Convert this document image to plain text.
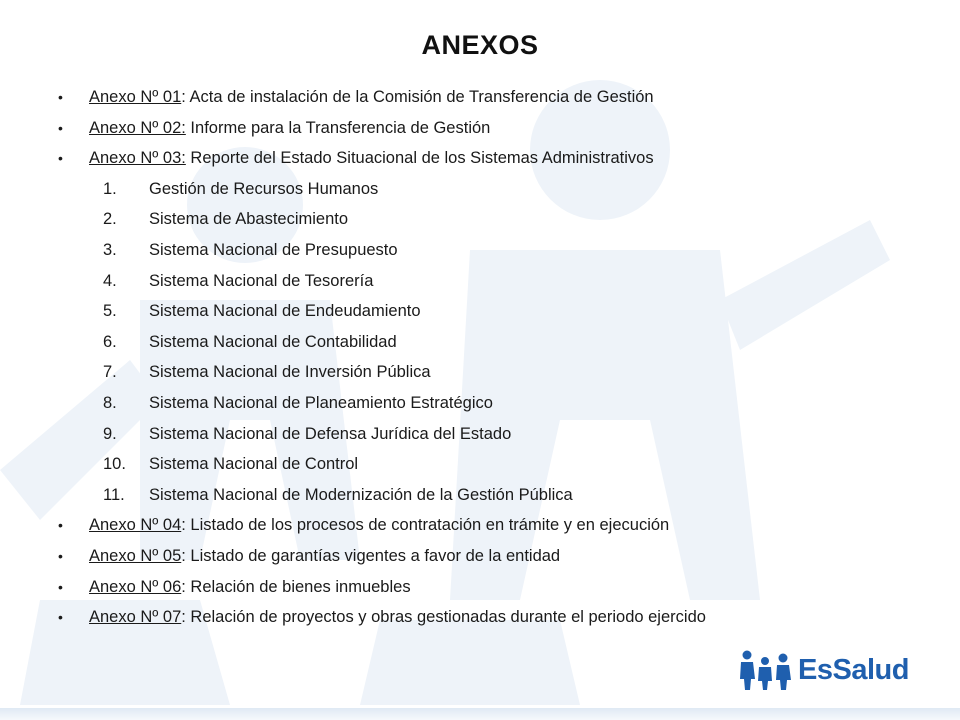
ANEXOS
• Anexo Nº 01: Acta de instalación de la Comisión de Transferencia de Gestión
• Anexo Nº 02: Informe para la Transferencia de Gestión
• Anexo Nº 03: Reporte del Estado Situacional de los Sistemas Administrativos
1. Gestión de Recursos Humanos
2. Sistema de Abastecimiento
3. Sistema Nacional de Presupuesto
4. Sistema Nacional de Tesorería
5. Sistema Nacional de Endeudamiento
6. Sistema Nacional de Contabilidad
7. Sistema Nacional de Inversión Pública
8. Sistema Nacional de Planeamiento Estratégico
9. Sistema Nacional de Defensa Jurídica del Estado
10. Sistema Nacional de Control
11. Sistema Nacional de Modernización de la Gestión Pública
• Anexo Nº 04: Listado de los procesos de contratación en trámite y en ejecución
• Anexo Nº 05: Listado de garantías vigentes a favor de la entidad
• Anexo Nº 06: Relación de bienes inmuebles
• Anexo Nº 07: Relación de proyectos y obras gestionadas durante el periodo ejercido
EsSalud
